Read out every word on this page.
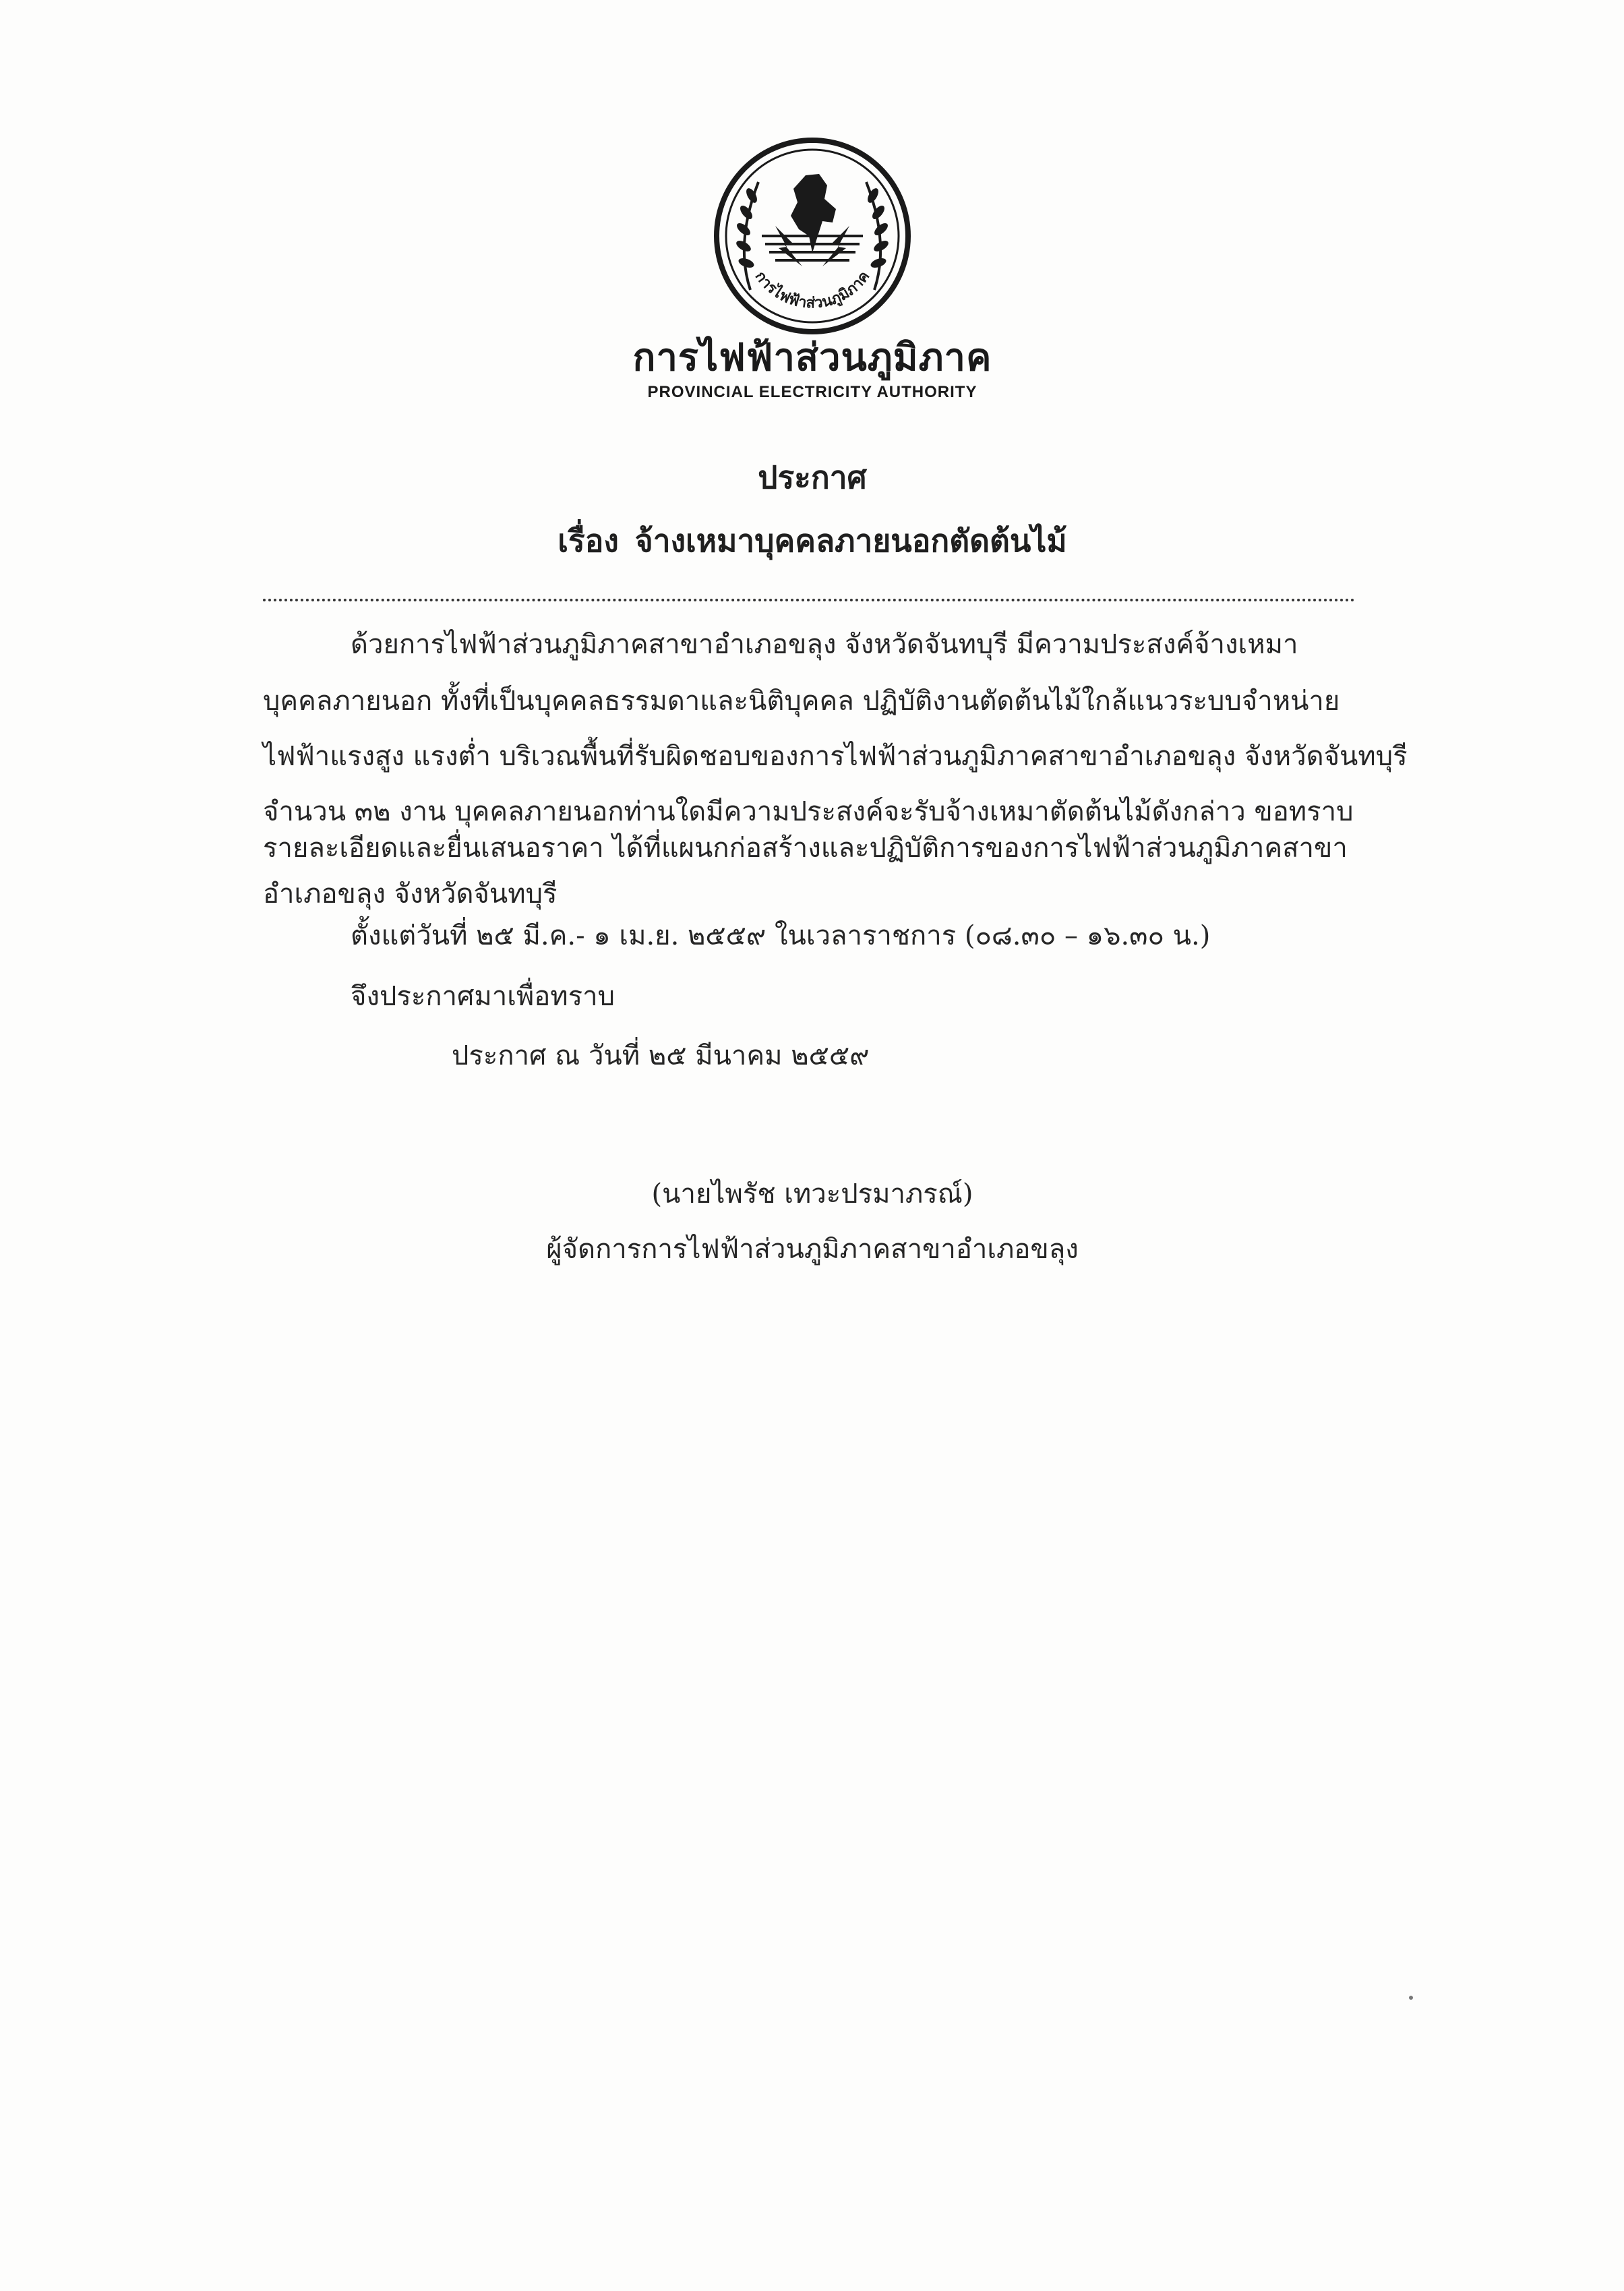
การไฟฟ้าส่วนภูมิภาค
การไฟฟ้าส่วนภูมิภาค
PROVINCIAL ELECTRICITY AUTHORITY
ประกาศ
เรื่อง จ้างเหมาบุคคลภายนอกตัดต้นไม้
ด้วยการไฟฟ้าส่วนภูมิภาคสาขาอำเภอขลุง จังหวัดจันทบุรี มีความประสงค์จ้างเหมา
บุคคลภายนอก ทั้งที่เป็นบุคคลธรรมดาและนิติบุคคล ปฏิบัติงานตัดต้นไม้ใกล้แนวระบบจำหน่าย
ไฟฟ้าแรงสูง แรงต่ำ บริเวณพื้นที่รับผิดชอบของการไฟฟ้าส่วนภูมิภาคสาขาอำเภอขลุง จังหวัดจันทบุรี
จำนวน ๓๒ งาน บุคคลภายนอกท่านใดมีความประสงค์จะรับจ้างเหมาตัดต้นไม้ดังกล่าว ขอทราบ
รายละเอียดและยื่นเสนอราคา ได้ที่แผนกก่อสร้างและปฏิบัติการของการไฟฟ้าส่วนภูมิภาคสาขา
อำเภอขลุง จังหวัดจันทบุรี
ตั้งแต่วันที่ ๒๕ มี.ค.- ๑ เม.ย. ๒๕๕๙ ในเวลาราชการ (๐๘.๓๐ – ๑๖.๓๐ น.)
จึงประกาศมาเพื่อทราบ
ประกาศ ณ วันที่ ๒๕ มีนาคม ๒๕๕๙
(นายไพรัช เทวะปรมาภรณ์)
ผู้จัดการการไฟฟ้าส่วนภูมิภาคสาขาอำเภอขลุง
